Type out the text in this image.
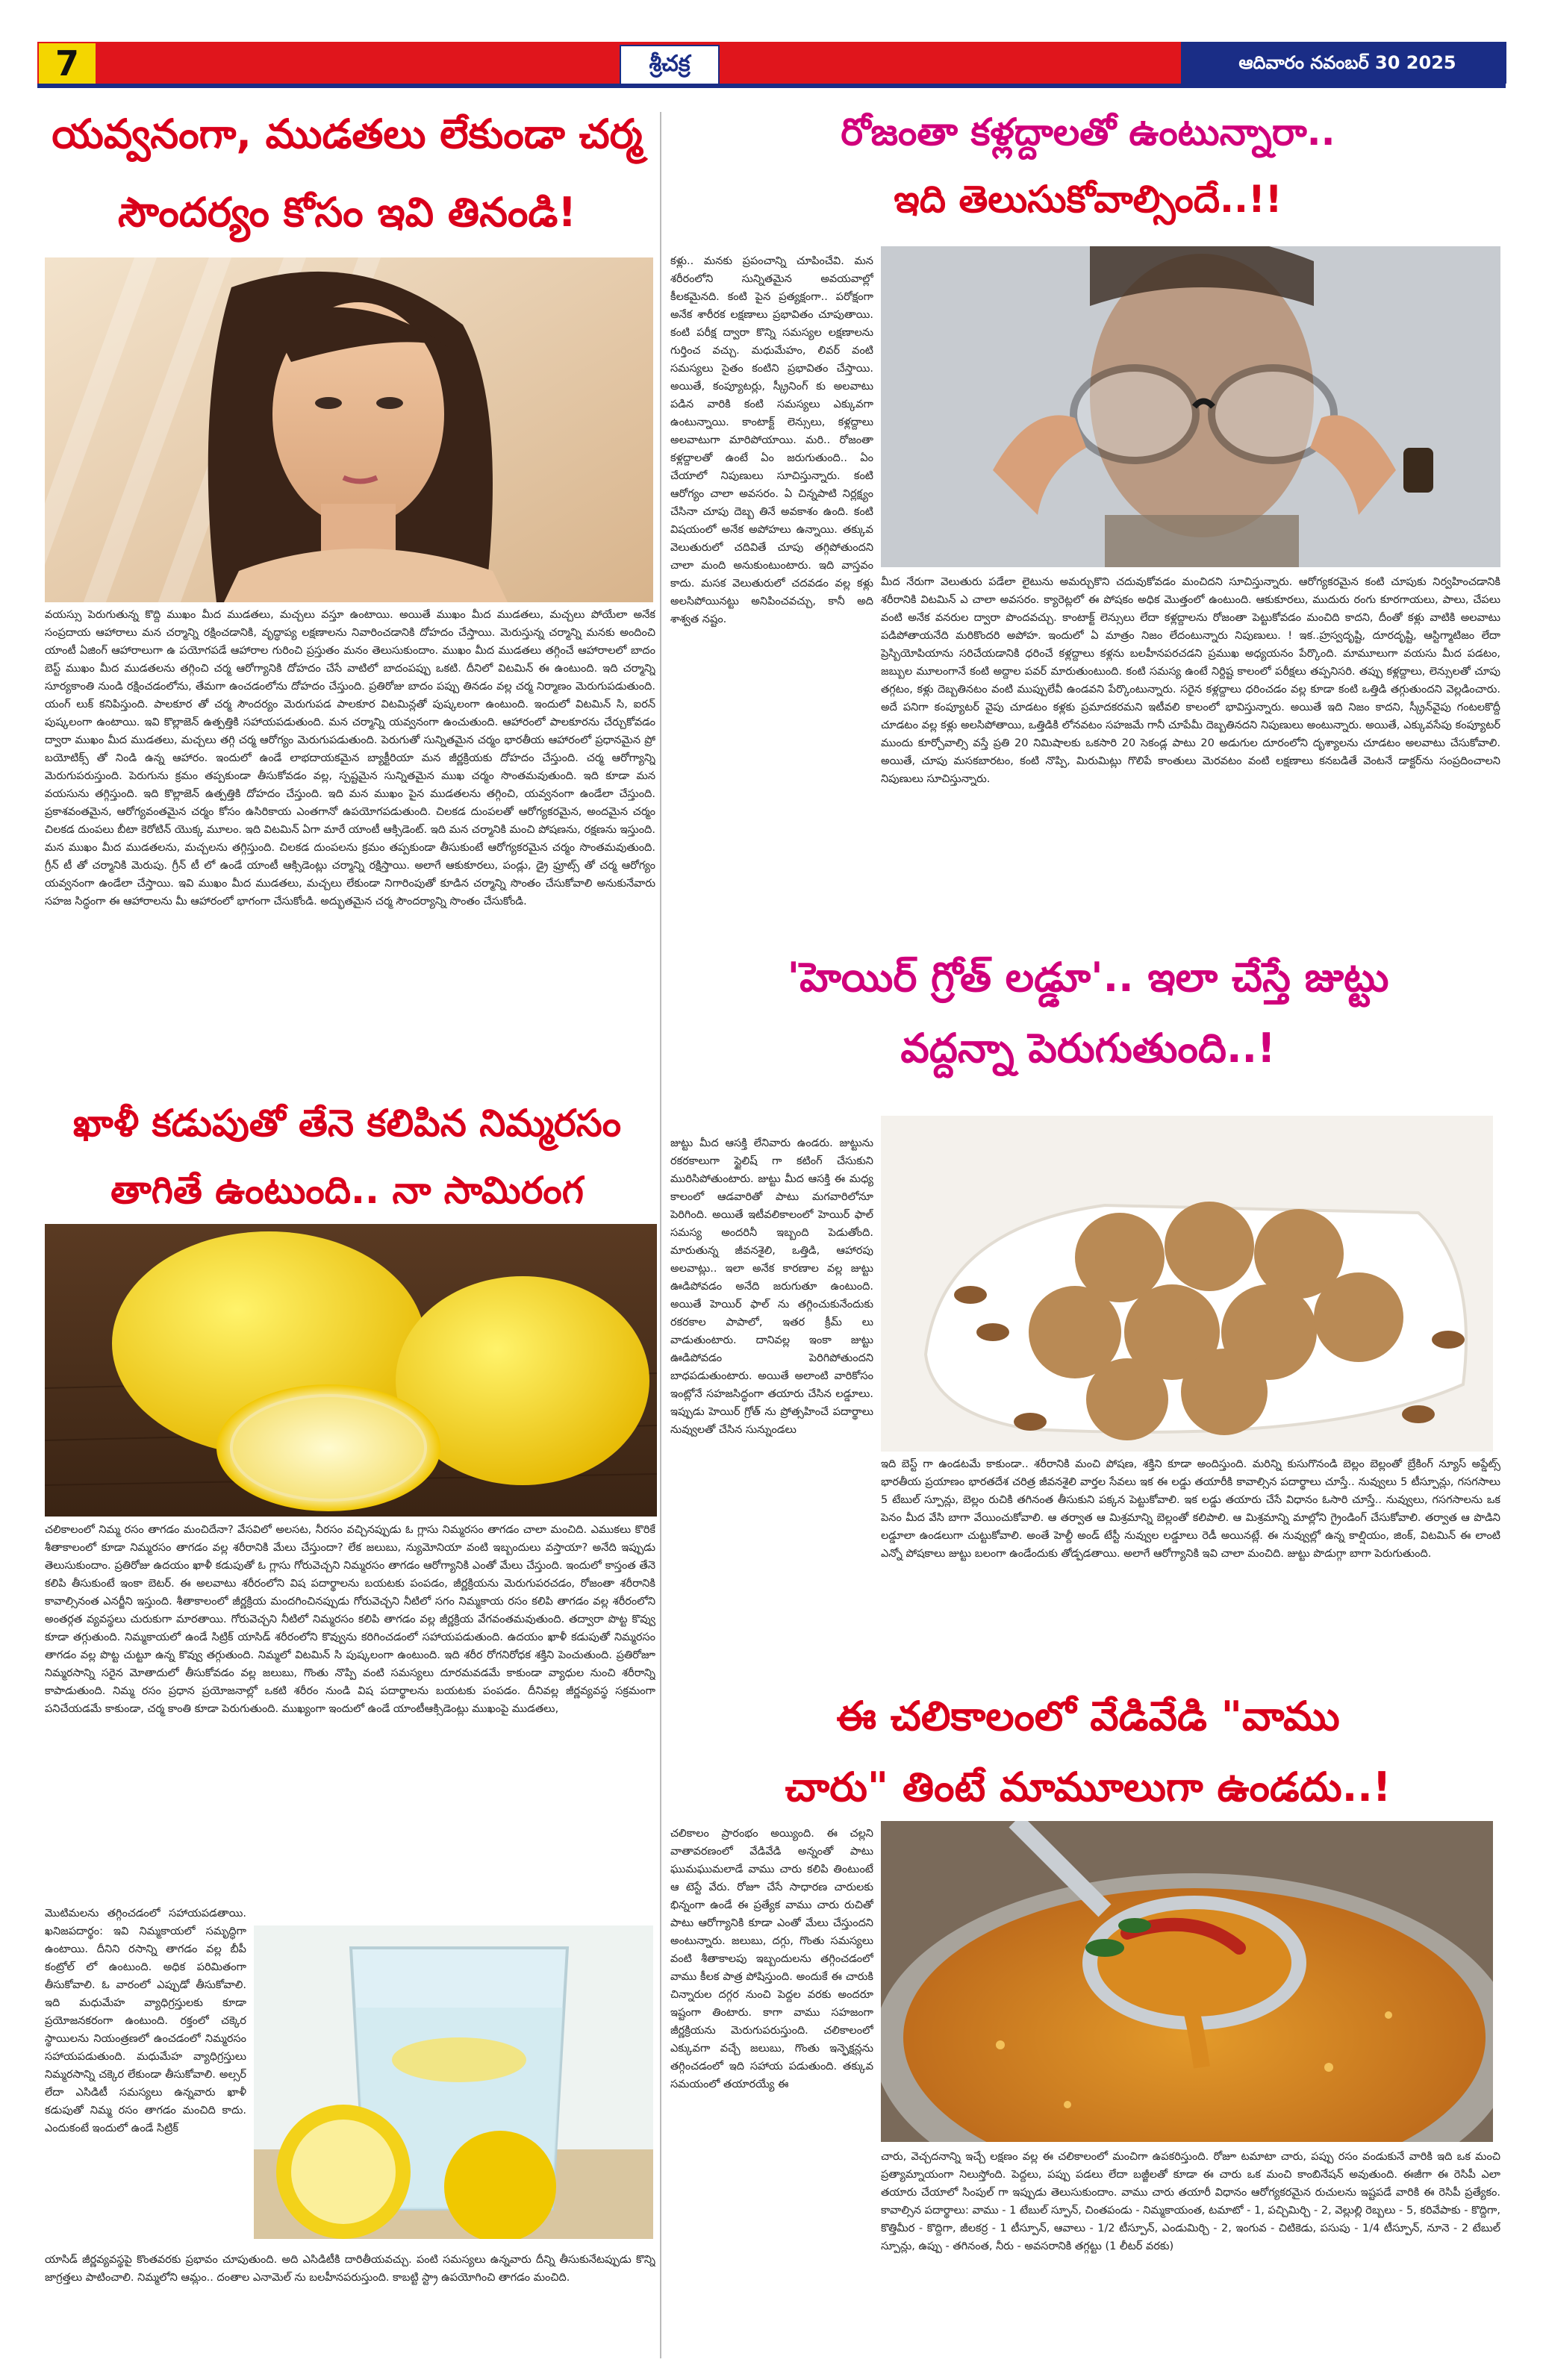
7	శ్రీచక్ర	ఆదివారం నవంబర్ 30 2025
యవ్వనంగా, ముడతలు లేకుండా చర్మ
సౌందర్యం కోసం ఇవి తినండి!
వయస్సు పెరుగుతున్న కొద్ది ముఖం మీద ముడతలు, మచ్చలు వస్తూ ఉంటాయి. అయితే ముఖం మీద ముడతలు, మచ్చలు పోయేలా అనేక సంప్రదాయ ఆహారాలు మన చర్మాన్ని రక్షించడానికి, వృద్ధాప్య లక్షణాలను నివారించడానికి దోహదం చేస్తాయి. మెరుస్తున్న చర్మాన్ని మనకు అందించి యాంటీ ఏజింగ్ ఆహారాలుగా ఉ పయోగపడే ఆహారాల గురించి ప్రస్తుతం మనం తెలుసుకుందాం. ముఖం మీద ముడతలు తగ్గించే ఆహారాలలో బాదం బెస్ట్ ముఖం మీద ముడతలను తగ్గించి చర్మ ఆరోగ్యానికి దోహదం చేసే వాటిలో బాదంపప్పు ఒకటి. దీనిలో విటమిన్ ఈ ఉంటుంది. ఇది చర్మాన్ని సూర్యకాంతి నుండి రక్షించడంలోను, తేమగా ఉంచడంలోను దోహదం చేస్తుంది. ప్రతిరోజు బాదం పప్పు తినడం వల్ల చర్మ నిర్మాణం మెరుగుపడుతుంది. యంగ్ లుక్ కనిపిస్తుంది. పాలకూర తో చర్మ సౌందర్యం మెరుగుపడ పాలకూర విటమిన్లతో పుష్కలంగా ఉంటుంది. ఇందులో విటమిన్ సి, ఐరన్ పుష్కలంగా ఉంటాయి. ఇవి కొల్లాజెన్ ఉత్పత్తికి సహాయపడుతుంది. మన చర్మాన్ని యవ్వనంగా ఉంచుతుంది. ఆహారంలో పాలకూరను చేర్చుకోవడం ద్వారా ముఖం మీద ముడతలు, మచ్చలు తగ్గి చర్మ ఆరోగ్యం మెరుగుపడుతుంది. పెరుగుతో సున్నితమైన చర్మం భారతీయ ఆహారంలో ప్రధానమైన ప్రో బయోటిక్స్ తో నిండి ఉన్న ఆహారం. ఇందులో ఉండే లాభదాయకమైన బ్యాక్టీరియా మన జీర్ణక్రియకు దోహదం చేస్తుంది. చర్మ ఆరోగ్యాన్ని మెరుగుపరుస్తుంది. పెరుగును క్రమం తప్పకుండా తీసుకోవడం వల్ల, స్పష్టమైన సున్నితమైన ముఖ చర్మం సొంతమవుతుంది. ఇది కూడా మన వయసును తగ్గిస్తుంది. ఇది కొల్లాజెన్ ఉత్పత్తికి దోహదం చేస్తుంది. ఇది మన ముఖం పైన ముడతలను తగ్గించి, యవ్వనంగా ఉండేలా చేస్తుంది. ప్రకాశవంతమైన, ఆరోగ్యవంతమైన చర్మం కోసం ఉసిరికాయ ఎంతగానో ఉపయోగపడుతుంది. చిలకడ దుంపలతో ఆరోగ్యకరమైన, అందమైన చర్మం చిలకడ దుంపలు బీటా కెరోటిన్ యొక్క మూలం. ఇది విటమిన్ ఏగా మారే యాంటీ ఆక్సిడెంట్. ఇది మన చర్మానికి మంచి పోషణను, రక్షణను ఇస్తుంది. మన ముఖం మీద ముడతలను, మచ్చలను తగ్గిస్తుంది. చిలకడ దుంపలను క్రమం తప్పకుండా తీసుకుంటే ఆరోగ్యకరమైన చర్మం సొంతమవుతుంది. గ్రీన్ టీ తో చర్మానికి మెరుపు. గ్రీన్ టీ లో ఉండే యాంటీ ఆక్సిడెంట్లు చర్మాన్ని రక్షిస్తాయి. అలాగే ఆకుకూరలు, పండ్లు, డ్రై ఫ్రూట్స్ తో చర్మ ఆరోగ్యం యవ్వనంగా ఉండేలా చేస్తాయి. ఇవి ముఖం మీద ముడతలు, మచ్చలు లేకుండా నిగారింపుతో కూడిన చర్మాన్ని సొంతం చేసుకోవాలి అనుకునేవారు సహజ సిద్ధంగా ఈ ఆహారాలను మీ ఆహారంలో భాగంగా చేసుకోండి. అద్భుతమైన చర్మ సౌందర్యాన్ని సొంతం చేసుకోండి.
ఖాళీ కడుపుతో తేనె కలిపిన నిమ్మరసం
తాగితే ఉంటుంది.. నా సామిరంగ
చలికాలంలో నిమ్మ రసం తాగడం మంచిదేనా? వేసవిలో అలసట, నీరసం వచ్చినప్పుడు ఓ గ్లాసు నిమ్మరసం తాగడం చాలా మంచిది. ఎముకలు కొరికే శీతాకాలంలో కూడా నిమ్మరసం తాగడం వల్ల శరీరానికి మేలు చేస్తుందా? లేక జలుబు, న్యుమోనియా వంటి ఇబ్బందులు వస్తాయా? అనేది ఇప్పుడు తెలుసుకుందాం. ప్రతిరోజు ఉదయం ఖాళీ కడుపుతో ఓ గ్లాసు గోరువెచ్చని నిమ్మరసం తాగడం ఆరోగ్యానికి ఎంతో మేలు చేస్తుంది. ఇందులో కాస్తంత తేనె కలిపి తీసుకుంటే ఇంకా బెటర్. ఈ అలవాటు శరీరంలోని విష పదార్థాలను బయటకు పంపడం, జీర్ణక్రియను మెరుగుపరచడం, రోజంతా శరీరానికి కావాల్సినంత ఎనర్జీని ఇస్తుంది. శీతాకాలంలో జీర్ణక్రియ మందగించినప్పుడు గోరువెచ్చని నీటిలో సగం నిమ్మకాయ రసం కలిపి తాగడం వల్ల శరీరంలోని అంతర్గత వ్యవస్థలు చురుకుగా మారతాయి. గోరువెచ్చని నీటిలో నిమ్మరసం కలిపి తాగడం వల్ల జీర్ణక్రియ వేగవంతమవుతుంది. తద్వారా పొట్ట కొవ్వు కూడా తగ్గుతుంది. నిమ్మకాయలో ఉండే సిట్రిక్ యాసిడ్ శరీరంలోని కొవ్వును కరిగించడంలో సహాయపడుతుంది. ఉదయం ఖాళీ కడుపుతో నిమ్మరసం తాగడం వల్ల పొట్ట చుట్టూ ఉన్న కొవ్వు తగ్గుతుంది. నిమ్మలో విటమిన్ సి పుష్కలంగా ఉంటుంది. ఇది శరీర రోగనిరోధక శక్తిని పెంచుతుంది. ప్రతిరోజూ నిమ్మరసాన్ని సరైన మోతాదులో తీసుకోవడం వల్ల జలుబు, గొంతు నొప్పి వంటి సమస్యలు దూరమవడమే కాకుండా వ్యాధుల నుంచి శరీరాన్ని కాపాడుతుంది. నిమ్మ రసం ప్రధాన ప్రయోజనాల్లో ఒకటి శరీరం నుండి విష పదార్థాలను బయటకు పంపడం. దీనివల్ల జీర్ణవ్యవస్థ సక్రమంగా పనిచేయడమే కాకుండా, చర్మ కాంతి కూడా పెరుగుతుంది. ముఖ్యంగా ఇందులో ఉండే యాంటీఆక్సిడెంట్లు ముఖంపై ముడతలు,
మొటిమలను తగ్గించడంలో సహాయపడతాయి. ఖనిజపదార్థం: ఇవి నిమ్మకాయలో సమృద్ధిగా ఉంటాయి. దీనిని రసాన్ని తాగడం వల్ల బీపీ కంట్రోల్ లో ఉంటుంది. అధిక పరిమితంగా తీసుకోవాలి. ఓ వారంలో ఎప్పుడో తీసుకోవాలి. ఇది మధుమేహ వ్యాధిగ్రస్తులకు కూడా ప్రయోజనకరంగా ఉంటుంది. రక్తంలో చక్కెర స్థాయిలను నియంత్రణలో ఉంచడంలో నిమ్మరసం సహాయపడుతుంది. మధుమేహ వ్యాధిగ్రస్తులు నిమ్మరసాన్ని చక్కెర లేకుండా తీసుకోవాలి. అల్సర్ లేదా ఎసిడిటీ సమస్యలు ఉన్నవారు ఖాళీ కడుపుతో నిమ్మ రసం తాగడం మంచిది కాదు. ఎందుకంటే ఇందులో ఉండే సిట్రిక్
యాసిడ్ జీర్ణవ్యవస్థపై కొంతవరకు ప్రభావం చూపుతుంది. అది ఎసిడిటీకి దారితీయవచ్చు. పంటి సమస్యలు ఉన్నవారు దీన్ని తీసుకునేటప్పుడు కొన్ని జాగ్రత్తలు పాటించాలి. నిమ్మలోని ఆమ్లం.. దంతాల ఎనామెల్ ను బలహీనపరుస్తుంది. కాబట్టి స్ట్రా ఉపయోగించి తాగడం మంచిది.
రోజంతా కళ్లద్దాలతో ఉంటున్నారా..
ఇది తెలుసుకోవాల్సిందే..!!
కళ్లు.. మనకు ప్రపంచాన్ని చూపించేవి. మన శరీరంలోని సున్నితమైన అవయవాల్లో కీలకమైనది. కంటి పైన ప్రత్యక్షంగా.. పరోక్షంగా అనేక శారీరక లక్షణాలు ప్రభావితం చూపుతాయి. కంటి పరీక్ష ద్వారా కొన్ని సమస్యల లక్షణాలను గుర్తించ వచ్చు. మధుమేహం, లివర్ వంటి సమస్యలు సైతం కంటిని ప్రభావితం చేస్తాయి. అయితే, కంప్యూటర్లు, స్క్రీనింగ్ కు అలవాటు పడిన వారికి కంటి సమస్యలు ఎక్కువగా ఉంటున్నాయి. కాంటాక్ట్ లెన్సులు, కళ్లద్దాలు అలవాటుగా మారిపోయాయి. మరి.. రోజంతా కళ్లద్దాలతో ఉంటే ఏం జరుగుతుంది.. ఏం చేయాలో నిపుణులు సూచిస్తున్నారు. కంటి ఆరోగ్యం చాలా అవసరం. ఏ చిన్నపాటి నిర్లక్ష్యం చేసినా చూపు దెబ్బ తినే అవకాశం ఉంది. కంటి విషయంలో అనేక అపోహలు ఉన్నాయి. తక్కువ వెలుతురులో చదివితే చూపు తగ్గిపోతుందని చాలా మంది అనుకుంటుంటారు. ఇది వాస్తవం కాదు. మసక వెలుతురులో చదవడం వల్ల కళ్లు అలసిపోయినట్టు అనిపించవచ్చు, కానీ అది శాశ్వత నష్టం.
మీద నేరుగా వెలుతురు పడేలా లైటును అమర్చుకొని చదువుకోవడం మంచిదని సూచిస్తున్నారు. ఆరోగ్యకరమైన కంటి చూపుకు నిర్వహించడానికి శరీరానికి విటమిన్ ఎ చాలా అవసరం. క్యారెట్లలో ఈ పోషకం అధిక మొత్తంలో ఉంటుంది. ఆకుకూరలు, ముదురు రంగు కూరగాయలు, పాలు, చేపలు వంటి అనేక వనరుల ద్వారా పొందవచ్చు. కాంటాక్ట్ లెన్సులు లేదా కళ్లద్దాలను రోజంతా పెట్టుకోవడం మంచిది కాదని, దీంతో కళ్లు వాటికి అలవాటు పడిపోతాయనేది మరికొందరి అపోహ. ఇందులో ఏ మాత్రం నిజం లేదంటున్నారు నిపుణులు. ! ఇక..హ్రస్వదృష్టి, దూరదృష్టి, ఆస్టిగ్మాటిజం లేదా ప్రెస్బియోపియాను సరిచేయడానికి ధరించే కళ్లద్దాలు కళ్లను బలహీనపరచడని ప్రముఖ అధ్యయనం పేర్కొంది. మామూలుగా వయసు మీద పడటం, జబ్బుల మూలంగానే కంటి అద్దాల పవర్ మారుతుంటుంది. కంటి సమస్య ఉంటే నిర్దిష్ట కాలంలో పరీక్షలు తప్పనిసరి. తప్పు కళ్లద్దాలు, లెన్సులతో చూపు తగ్గటం, కళ్లు దెబ్బతినటం వంటి ముప్పులేవీ ఉండవని పేర్కొంటున్నారు. సరైన కళ్లద్దాలు ధరించడం వల్ల కూడా కంటి ఒత్తిడి తగ్గుతుందని వెల్లడించారు. అదే పనిగా కంప్యూటర్ వైపు చూడటం కళ్లకు ప్రమాదకరమని ఇటీవలి కాలంలో భావిస్తున్నారు. అయితే ఇది నిజం కాదని, స్క్రీన్‌వైపు గంటలకొద్దీ చూడటం వల్ల కళ్లు అలసిపోతాయి, ఒత్తిడికి లోనవటం సహజమే గానీ చూపేమీ దెబ్బతినదని నిపుణులు అంటున్నారు. అయితే, ఎక్కువసేపు కంప్యూటర్ ముందు కూర్చోవాల్సి వస్తే ప్రతి 20 నిమిషాలకు ఒకసారి 20 సెకండ్ల పాటు 20 అడుగుల దూరంలోని దృశ్యాలను చూడటం అలవాటు చేసుకోవాలి. అయితే, చూపు మసకబారటం, కంటి నొప్పి, మిరుమిట్లు గొలిపే కాంతులు మెరవటం వంటి లక్షణాలు కనబడితే వెంటనే డాక్టర్‌ను సంప్రదించాలని నిపుణులు సూచిస్తున్నారు.
'హెయిర్ గ్రోత్ లడ్డూ'.. ఇలా చేస్తే జుట్టు
వద్దన్నా పెరుగుతుంది..!
జుట్టు మీద ఆసక్తి లేనివారు ఉండరు. జుట్టును రకరకాలుగా స్టైలిష్ గా కటింగ్ చేసుకుని మురిసిపోతుంటారు. జుట్టు మీద ఆసక్తి ఈ మధ్య కాలంలో ఆడవారితో పాటు మగవారిలోనూ పెరిగింది. అయితే ఇటీవలికాలంలో హెయిర్ ఫాల్ సమస్య అందరినీ ఇబ్బంది పెడుతోంది. మారుతున్న జీవనశైలి, ఒత్తిడి, ఆహారపు అలవాట్లు.. ఇలా అనేక కారణాల వల్ల జుట్టు ఊడిపోవడం అనేది జరుగుతూ ఉంటుంది. అయితే హెయిర్ ఫాల్ ను తగ్గించుకునేందుకు రకరకాల పాపాలో, ఇతర క్రీమ్ లు వాడుతుంటారు. దానివల్ల ఇంకా జుట్టు ఊడిపోవడం పెరిగిపోతుందని బాధపడుతుంటారు. అయితే అలాంటి వారికోసం ఇంట్లోనే సహజసిద్ధంగా తయారు చేసిన లడ్డూలు. ఇప్పుడు హెయిర్ గ్రోత్ ను ప్రోత్సహించే పదార్థాలు నువ్వులతో చేసిన సున్నుండలు
ఇది బెస్ట్ గా ఉండటమే కాకుండా.. శరీరానికి మంచి పోషణ, శక్తిని కూడా అందిస్తుంది. మరిన్ని కుసుగొనండి బెల్లం బెల్లంతో బ్రేకింగ్ న్యూస్ అప్డేట్స్ భారతీయ ప్రయాణం భారతదేశ చరిత్ర జీవనశైలి వార్తల సేవలు ఇక ఈ లడ్డు తయారీకి కావాల్సిన పదార్థాలు చూస్తే.. నువ్వులు 5 టీస్పూన్లు, గసగసాలు 5 టేబుల్ స్పూన్లు, బెల్లం రుచికి తగినంత తీసుకుని పక్కన పెట్టుకోవాలి. ఇక లడ్డు తయారు చేసే విధానం ఓసారి చూస్తే.. నువ్వులు, గసగసాలను ఒక పెనం మీద వేసి బాగా వేయించుకోవాలి. ఆ తర్వాత ఆ మిశ్రమాన్ని బెల్లంతో కలిపాలి. ఆ మిశ్రమాన్ని మాల్లోని గ్రైండింగ్ చేసుకోవాలి. తర్వాత ఆ పొడిని లడ్డూలా ఉండలుగా చుట్టుకోవాలి. అంతే హెల్దీ అండ్ టేస్టీ నువ్వుల లడ్డూలు రెడీ అయినట్లే. ఈ నువ్వుల్లో ఉన్న కాల్షియం, జింక్, విటమిన్ ఈ లాంటి ఎన్నో పోషకాలు జుట్టు బలంగా ఉండేందుకు తోడ్పడతాయి. అలాగే ఆరోగ్యానికి ఇవి చాలా మంచిది. జుట్టు పొడుగ్గా బాగా పెరుగుతుంది.
ఈ చలికాలంలో వేడివేడి "వాము
చారు" తింటే మామూలుగా ఉండదు..!
చలికాలం ప్రారంభం అయ్యింది. ఈ చల్లని వాతావరణంలో వేడివేడి అన్నంతో పాటు ఘుమఘుమలాడే వాము చారు కలిపి తింటుంటే ఆ టెస్టే వేరు. రోజూ చేసే సాధారణ చారులకు భిన్నంగా ఉండే ఈ ప్రత్యేక వాము చారు రుచితో పాటు ఆరోగ్యానికి కూడా ఎంతో మేలు చేస్తుందని అంటున్నారు. జలుబు, దగ్గు, గొంతు సమస్యలు వంటి శీతాకాలపు ఇబ్బందులను తగ్గించడంలో వాము కీలక పాత్ర పోషిస్తుంది. అందుకే ఈ చారుకి చిన్నారుల దగ్గర నుంచి పెద్దల వరకు అందరూ ఇష్టంగా తింటారు. కాగా వాము సహజంగా జీర్ణక్రియను మెరుగుపరుస్తుంది. చలికాలంలో ఎక్కువగా వచ్చే జలుబు, గొంతు ఇన్ఫెక్షన్లను తగ్గించడంలో ఇది సహాయ పడుతుంది. తక్కువ సమయంలో తయారయ్యే ఈ
చారు, వెచ్చదనాన్ని ఇచ్చే లక్షణం వల్ల ఈ చలికాలంలో మంచిగా ఉపకరిస్తుంది. రోజూ టమాటా చారు, పప్పు రసం వండుకునే వారికి ఇది ఒక మంచి ప్రత్యామ్నాయంగా నిలుస్తోంది. పెద్దలు, పప్పు పడలు లేదా బజ్జీలతో కూడా ఈ చారు ఒక మంచి కాంబినేషన్ అవుతుంది. ఈజీగా ఈ రెసిపీ ఎలా తయారు చేయాలో సింపుల్ గా ఇప్పుడు తెలుసుకుందాం. వాము చారు తయారీ విధానం ఆరోగ్యకరమైన రుచులను ఇష్టపడే వారికి ఈ రెసిపీ ప్రత్యేకం. కావాల్సిన పదార్థాలు: వాము - 1 టేబుల్ స్పూన్, చింతపండు - నిమ్మకాయంత, టమాటో - 1, పచ్చిమిర్చి - 2, వెల్లుల్లి రెబ్బలు - 5, కరివేపాకు - కొద్దిగా, కొత్తిమీర - కొద్దిగా, జీలకర్ర - 1 టీస్పూన్, ఆవాలు - 1/2 టీస్పూన్, ఎండుమిర్చి - 2, ఇంగువ - చిటికెడు, పసుపు - 1/4 టీస్పూన్, నూనె - 2 టేబుల్ స్పూన్లు, ఉప్పు - తగినంత, నీరు - అవసరానికి తగ్గట్టు (1 లీటర్ వరకు)
